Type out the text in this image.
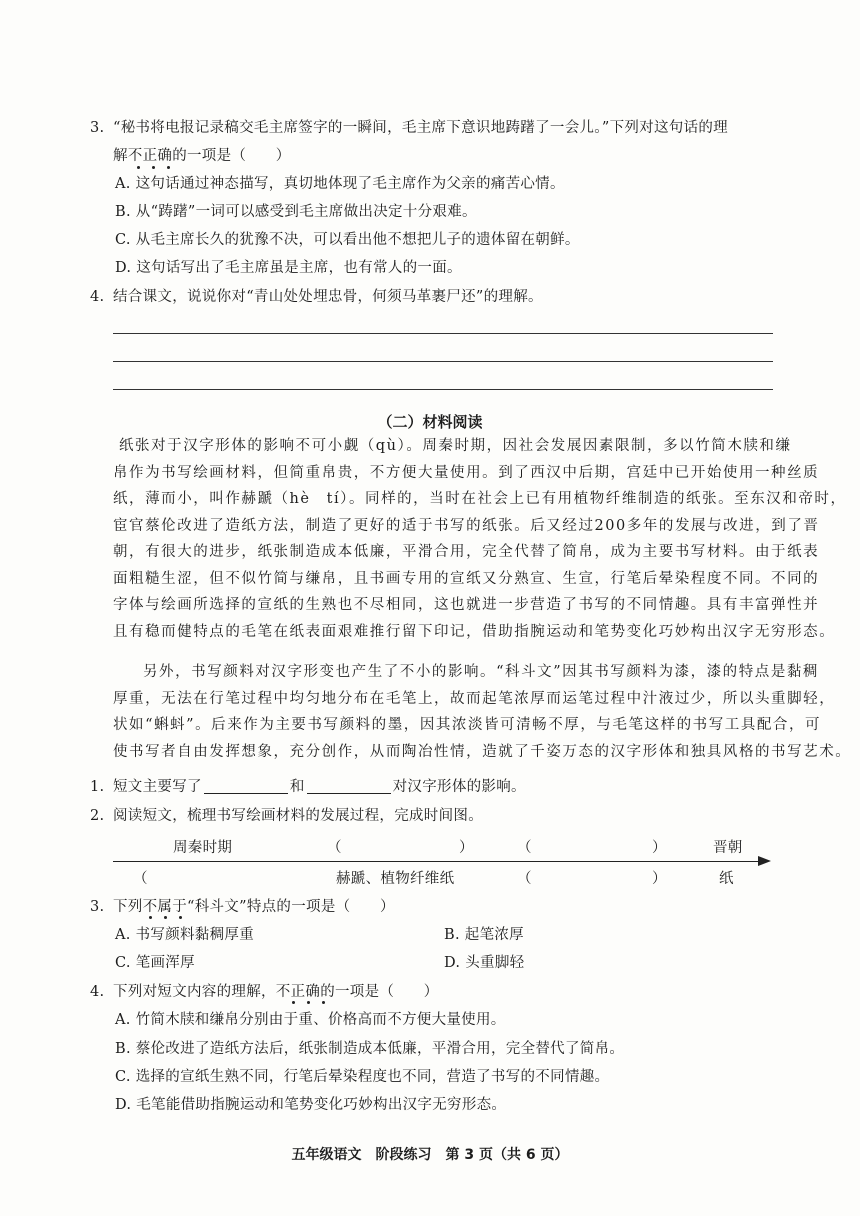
3. “秘书将电报记录稿交毛主席签字的一瞬间，毛主席下意识地踌躇了一会儿。”下列对这句话的理
解不正确的一项是（　　）
A. 这句话通过神态描写，真切地体现了毛主席作为父亲的痛苦心情。
B. 从“踌躇”一词可以感受到毛主席做出决定十分艰难。
C. 从毛主席长久的犹豫不决，可以看出他不想把儿子的遗体留在朝鲜。
D. 这句话写出了毛主席虽是主席，也有常人的一面。
4. 结合课文，说说你对“青山处处埋忠骨，何须马革裹尸还”的理解。
（二）材料阅读
纸张对于汉字形体的影响不可小觑（qù）。周秦时期，因社会发展因素限制，多以竹简木牍和缣
帛作为书写绘画材料，但简重帛贵，不方便大量使用。到了西汉中后期，宫廷中已开始使用一种丝质
纸，薄而小，叫作赫蹏（hè　tí）。同样的，当时在社会上已有用植物纤维制造的纸张。至东汉和帝时，
宦官蔡伦改进了造纸方法，制造了更好的适于书写的纸张。后又经过200多年的发展与改进，到了晋
朝，有很大的进步，纸张制造成本低廉，平滑合用，完全代替了简帛，成为主要书写材料。由于纸表
面粗糙生涩，但不似竹简与缣帛，且书画专用的宣纸又分熟宣、生宣，行笔后晕染程度不同。不同的
字体与绘画所选择的宣纸的生熟也不尽相同，这也就进一步营造了书写的不同情趣。具有丰富弹性并
且有稳而健特点的毛笔在纸表面艰难推行留下印记，借助指腕运动和笔势变化巧妙构出汉字无穷形态。
另外，书写颜料对汉字形变也产生了不小的影响。“科斗文”因其书写颜料为漆，漆的特点是黏稠
厚重，无法在行笔过程中均匀地分布在毛笔上，故而起笔浓厚而运笔过程中汁液过少，所以头重脚轻，
状如“蝌蚪”。后来作为主要书写颜料的墨，因其浓淡皆可清畅不厚，与毛笔这样的书写工具配合，可
使书写者自由发挥想象，充分创作，从而陶冶性情，造就了千姿万态的汉字形体和独具风格的书写艺术。
1. 短文主要写了	和	对汉字形体的影响。
2. 阅读短文，梳理书写绘画材料的发展过程，完成时间图。
周秦时期	（	）	（	）	晋朝
（	赫蹏、植物纤维纸	（	）	纸
3. 下列不属于“科斗文”特点的一项是（　　）
A. 书写颜料黏稠厚重	B. 起笔浓厚
C. 笔画浑厚	D. 头重脚轻
4. 下列对短文内容的理解，不正确的一项是（　　）
A. 竹简木牍和缣帛分别由于重、价格高而不方便大量使用。
B. 蔡伦改进了造纸方法后，纸张制造成本低廉，平滑合用，完全替代了简帛。
C. 选择的宣纸生熟不同，行笔后晕染程度也不同，营造了书写的不同情趣。
D. 毛笔能借助指腕运动和笔势变化巧妙构出汉字无穷形态。
五年级语文　阶段练习　第 3 页（共 6 页）
